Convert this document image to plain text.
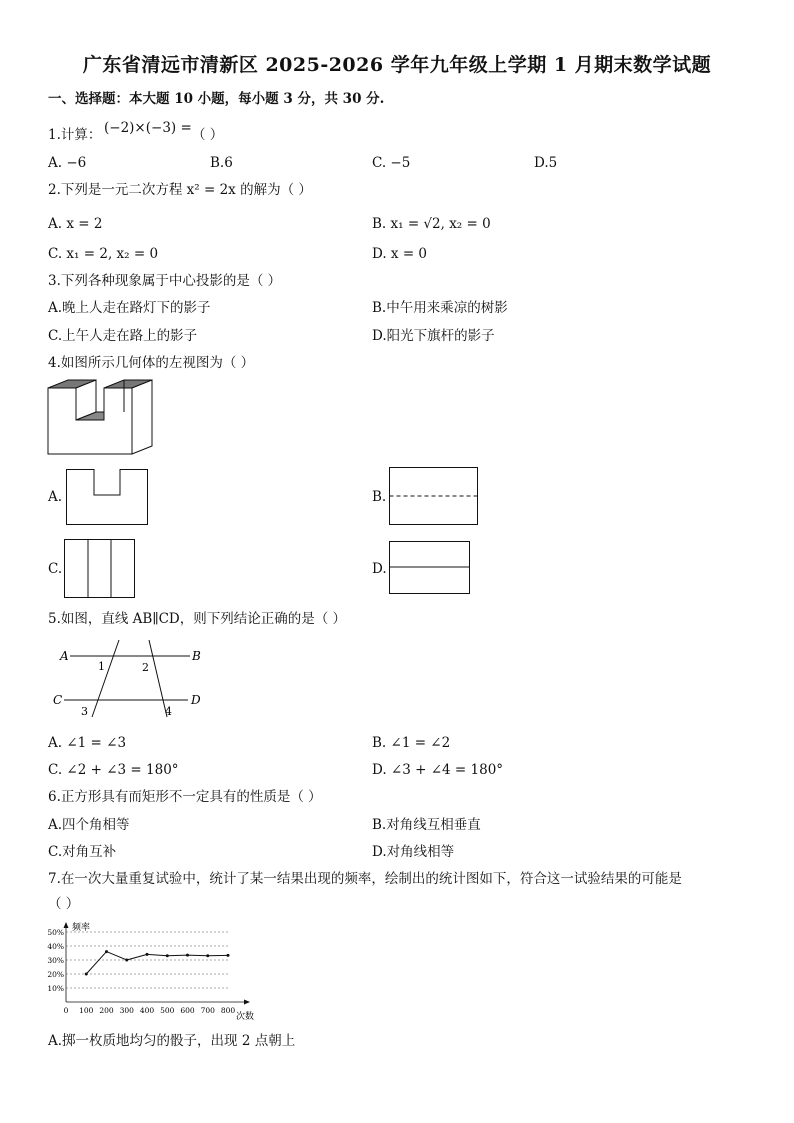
广东省清远市清新区 2025-2026 学年九年级上学期 1 月期末数学试题
一、选择题：本大题 10 小题，每小题 3 分，共 30 分.
1.计算： (−2)×(−3) = （ ）
A. −6	B.6	C. −5	D.5
2.下列是一元二次方程 x² = 2x 的解为（ ）
A. x = 2	B. x₁ = √2, x₂ = 0
C. x₁ = 2, x₂ = 0	D. x = 0
3.下列各种现象属于中心投影的是（ ）
A.晚上人走在路灯下的影子	B.中午用来乘凉的树影
C.上午人走在路上的影子	D.阳光下旗杆的影子
4.如图所示几何体的左视图为（ ）
A.	B.
C.	D.
5.如图，直线 AB∥CD，则下列结论正确的是（ ）
A	B
C	D
1	2
3	4
A. ∠1 = ∠3	B. ∠1 = ∠2
C. ∠2 + ∠3 = 180°	D. ∠3 + ∠4 = 180°
6.正方形具有而矩形不一定具有的性质是（ ）
A.四个角相等	B.对角线互相垂直
C.对角互补	D.对角线相等
7.在一次大量重复试验中，统计了某一结果出现的频率，绘制出的统计图如下，符合这一试验结果的可能是
（ ）
频率
次数
10%
20%
30%
40%
50%
0 100 200 300 400 500 600 700 800
A.掷一枚质地均匀的骰子，出现 2 点朝上
